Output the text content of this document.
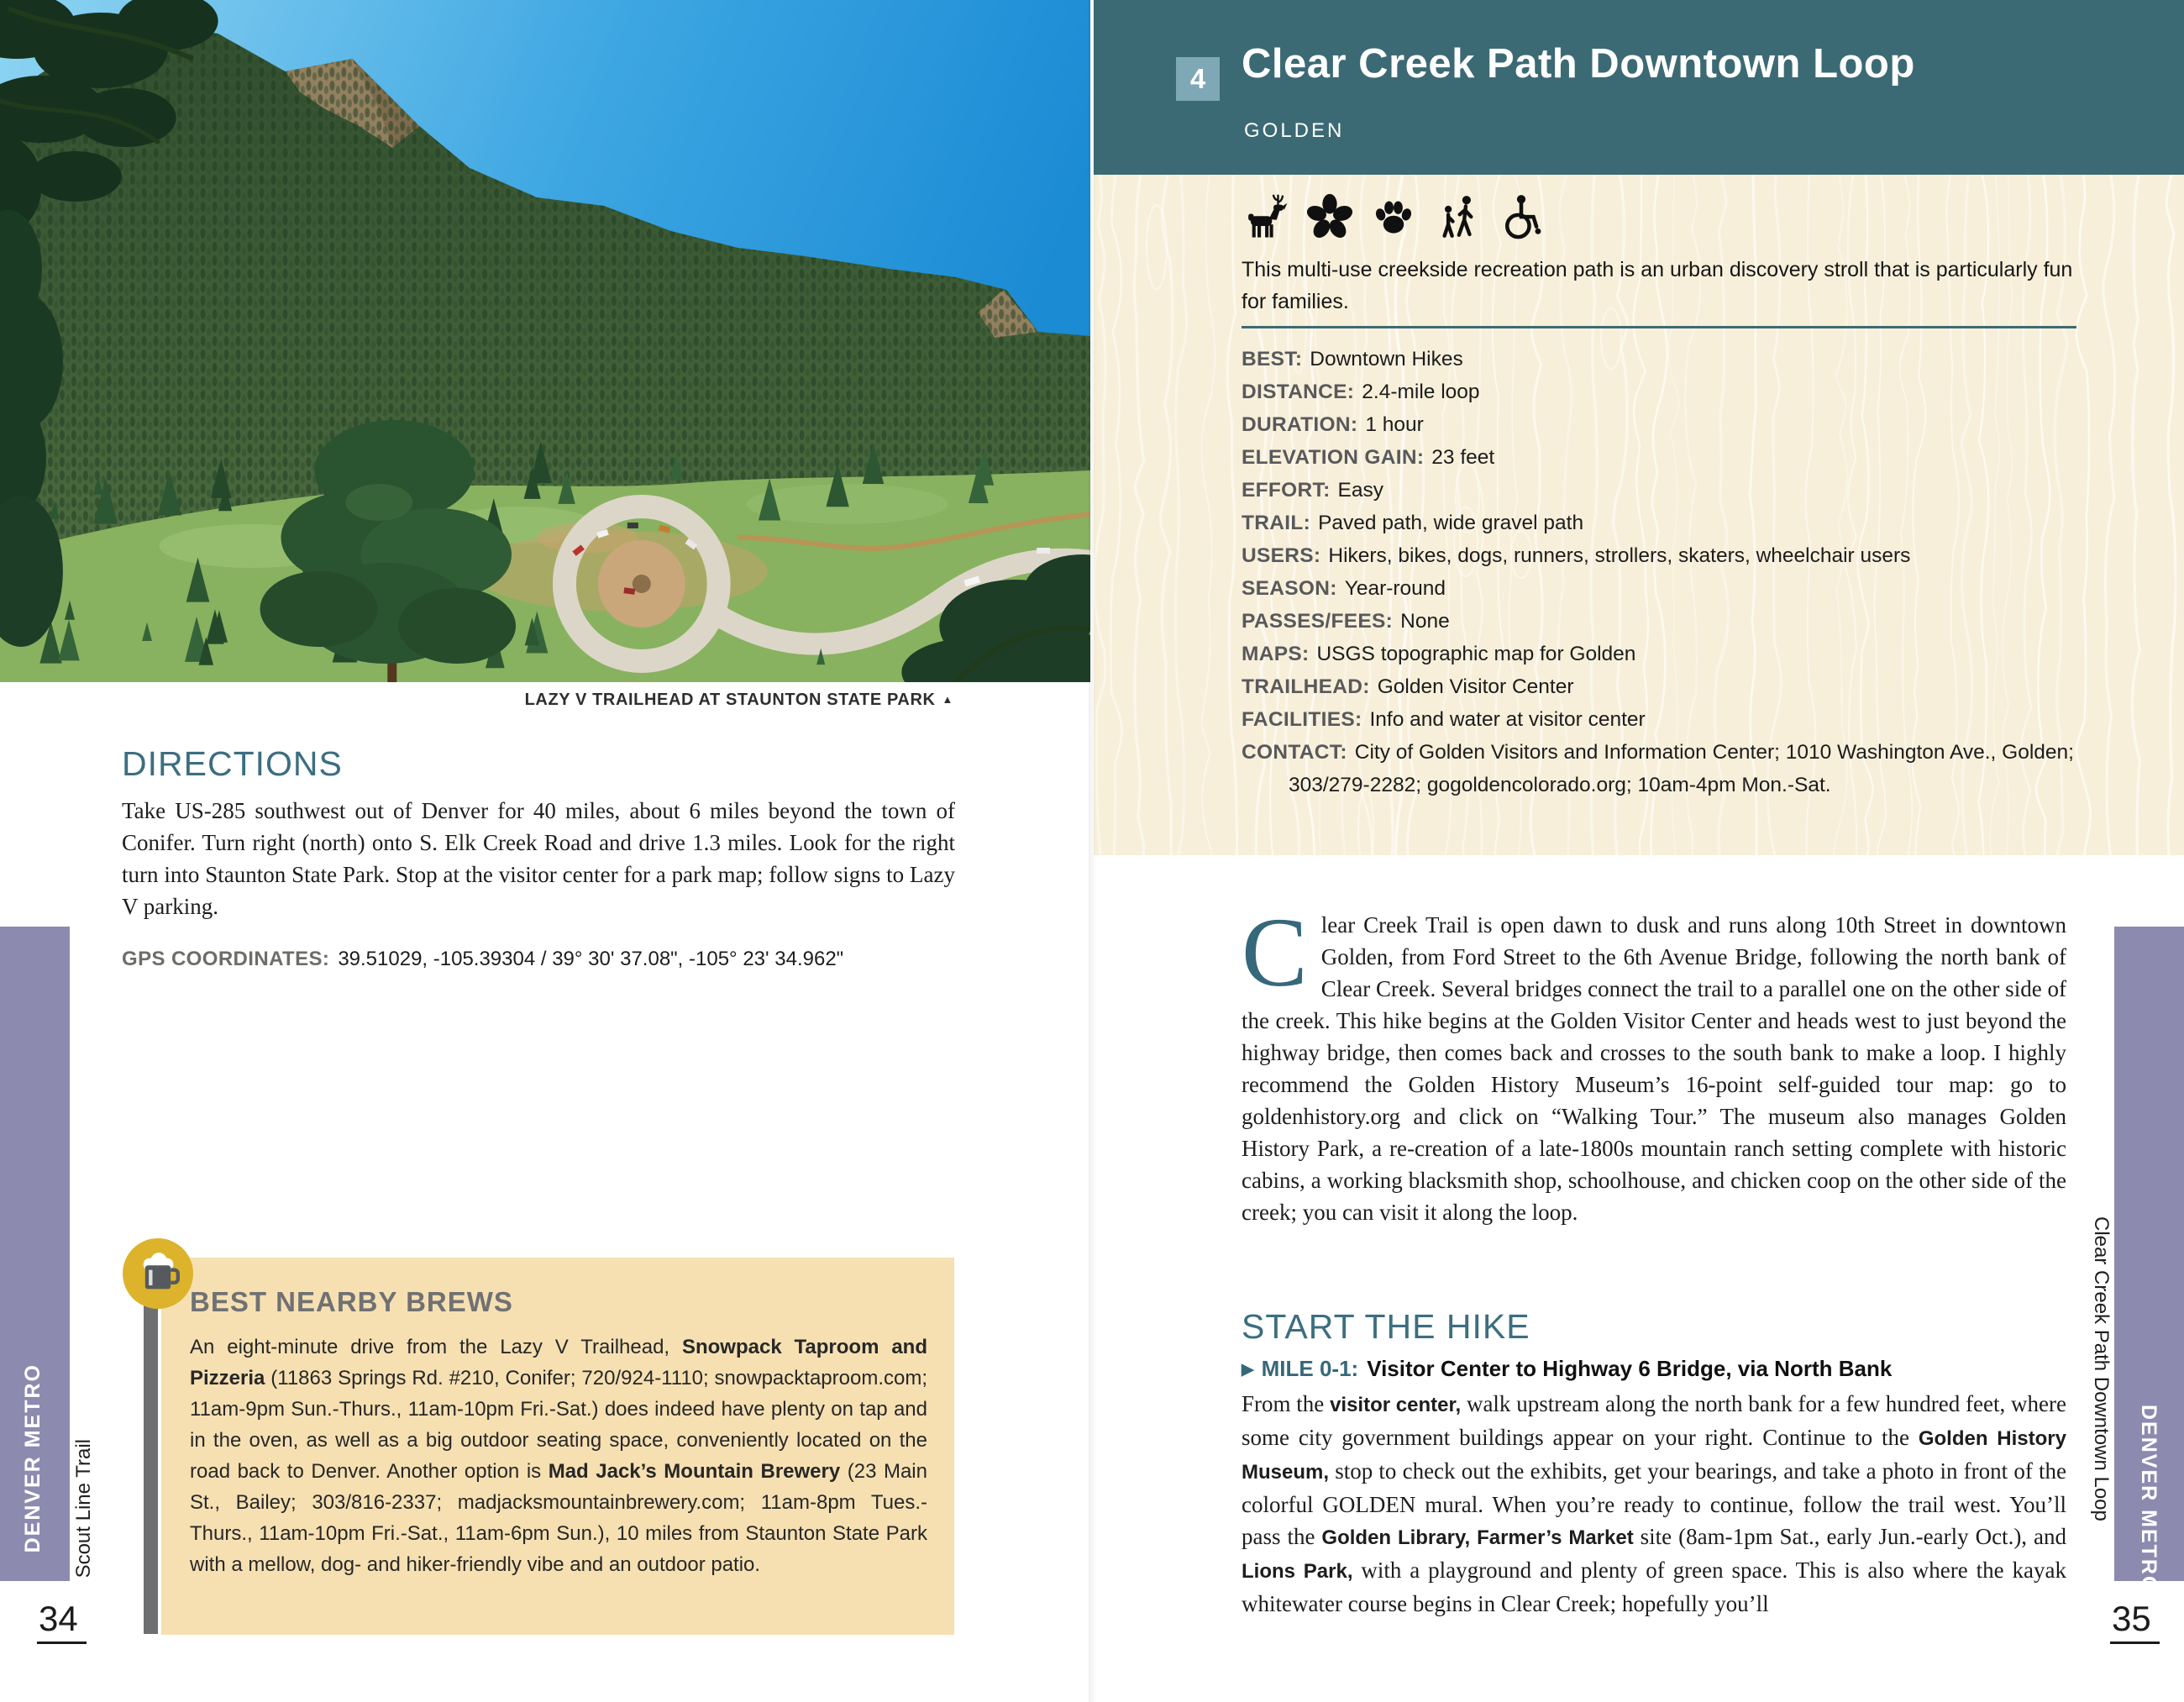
LAZY V TRAILHEAD AT STAUNTON STATE PARK ▲
DIRECTIONS
Take US-285 southwest out of Denver for 40 miles, about 6 miles beyond the town of Conifer. Turn right (north) onto S. Elk Creek Road and drive 1.3 miles. Look for the right turn into Staunton State Park. Stop at the visitor center for a park map; follow signs to Lazy V parking.
GPS COORDINATES: 39.51029, -105.39304 / 39° 30' 37.08", -105° 23' 34.962"
BEST NEARBY BREWS
An eight-minute drive from the Lazy V Trailhead, Snowpack Taproom and Pizzeria (11863 Springs Rd. #210, Conifer; 720/924-1110; snowpacktaproom.com; 11am-9pm Sun.-Thurs., 11am-10pm Fri.-Sat.) does indeed have plenty on tap and in the oven, as well as a big outdoor seating space, conveniently located on the road back to Denver. Another option is Mad Jack’s Mountain Brewery (23 Main St., Bailey; 303/816-2337; madjacksmountainbrewery.com; 11am-8pm Tues.-Thurs., 11am-10pm Fri.-Sat., 11am-6pm Sun.), 10 miles from Staunton State Park with a mellow, dog- and hiker-friendly vibe and an outdoor patio.
DENVER METRO Scout Line Trail
34
4 Clear Creek Path Downtown Loop
GOLDEN
This multi-use creekside recreation path is an urban discovery stroll that is particularly fun for families.
BEST: Downtown Hikes
DISTANCE: 2.4-mile loop
DURATION: 1 hour
ELEVATION GAIN: 23 feet
EFFORT: Easy
TRAIL: Paved path, wide gravel path
USERS: Hikers, bikes, dogs, runners, strollers, skaters, wheelchair users
SEASON: Year-round
PASSES/FEES: None
MAPS: USGS topographic map for Golden
TRAILHEAD: Golden Visitor Center
FACILITIES: Info and water at visitor center
CONTACT: City of Golden Visitors and Information Center; 1010 Washington Ave., Golden; 303/279-2282; gogoldencolorado.org; 10am-4pm Mon.-Sat.
Clear Creek Trail is open dawn to dusk and runs along 10th Street in downtown Golden, from Ford Street to the 6th Avenue Bridge, following the north bank of Clear Creek. Several bridges connect the trail to a parallel one on the other side of the creek. This hike begins at the Golden Visitor Center and heads west to just beyond the highway bridge, then comes back and crosses to the south bank to make a loop. I highly recommend the Golden History Museum’s 16-point self-guided tour map: go to goldenhistory.org and click on “Walking Tour.” The museum also manages Golden History Park, a re-creation of a late-1800s mountain ranch setting complete with historic cabins, a working blacksmith shop, schoolhouse, and chicken coop on the other side of the creek; you can visit it along the loop.
START THE HIKE
▶ MILE 0-1: Visitor Center to Highway 6 Bridge, via North Bank
From the visitor center, walk upstream along the north bank for a few hundred feet, where some city government buildings appear on your right. Continue to the Golden History Museum, stop to check out the exhibits, get your bearings, and take a photo in front of the colorful GOLDEN mural. When you’re ready to continue, follow the trail west. You’ll pass the Golden Library, Farmer’s Market site (8am-1pm Sat., early Jun.-early Oct.), and Lions Park, with a playground and plenty of green space. This is also where the kayak whitewater course begins in Clear Creek; hopefully you’ll
DENVER METRO
Clear Creek Path Downtown Loop
35
